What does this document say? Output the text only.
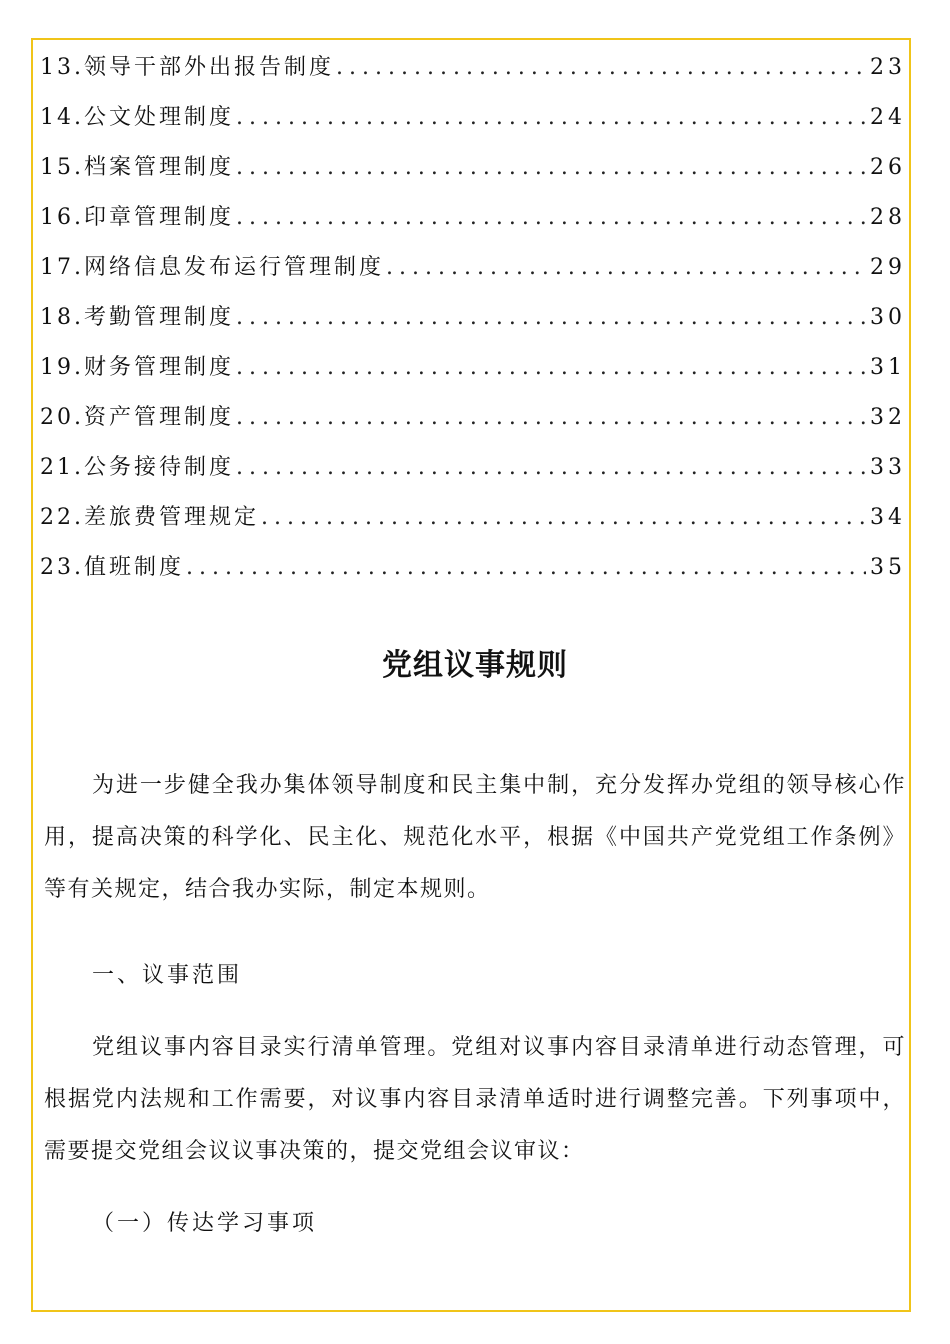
13. 领导干部外出报告制度 .....	23
14. 公文处理制度 .....	24
15. 档案管理制度 .....	26
16. 印章管理制度 .....	28
17. 网络信息发布运行管理制度 .....	29
18. 考勤管理制度 .....	30
19. 财务管理制度 .....	31
20. 资产管理制度 .....	32
21. 公务接待制度 .....	33
22. 差旅费管理规定 .....	34
23. 值班制度 .....	35
党组议事规则

为进一步健全我办集体领导制度和民主集中制，充分发挥办党组的领导核心作用，提高决策的科学化、民主化、规范化水平，根据《中国共产党党组工作条例》等有关规定，结合我办实际，制定本规则。

一、议事范围

党组议事内容目录实行清单管理。党组对议事内容目录清单进行动态管理，可根据党内法规和工作需要，对议事内容目录清单适时进行调整完善。下列事项中，需要提交党组会议议事决策的，提交党组会议审议：

（一）传达学习事项
